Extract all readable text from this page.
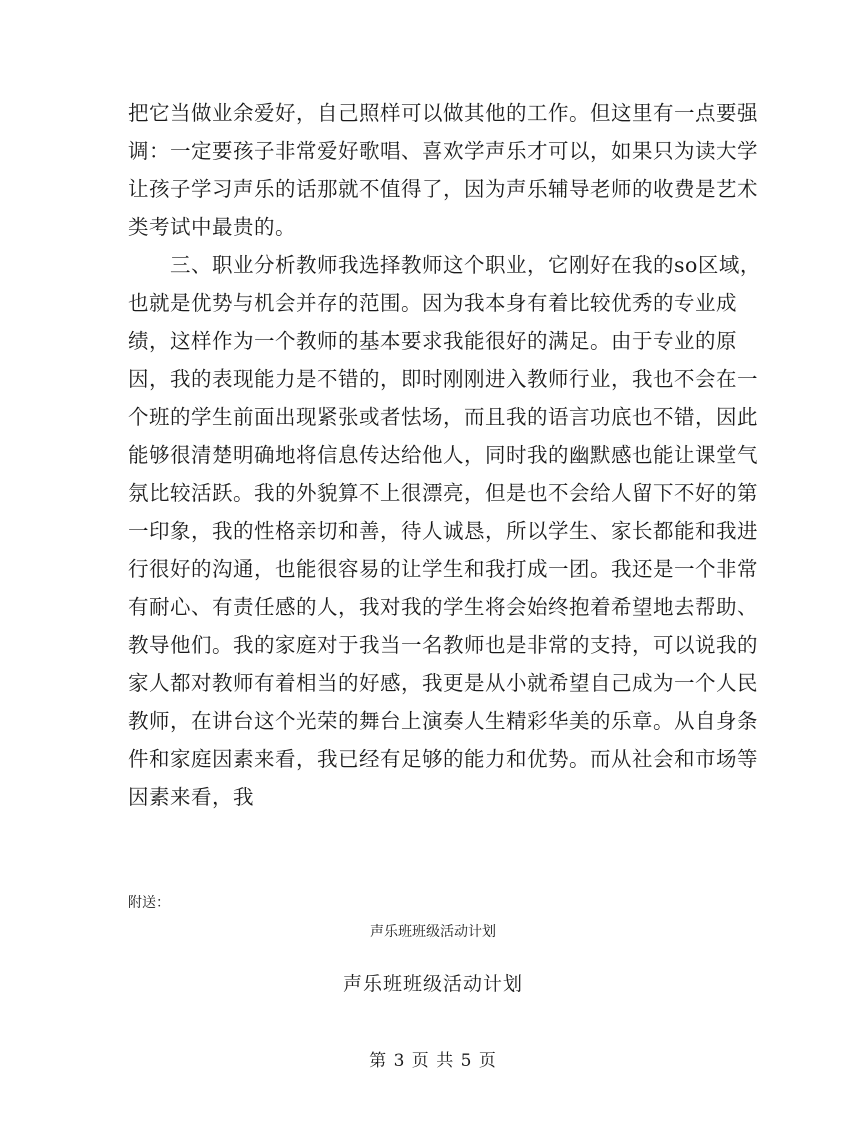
把它当做业余爱好，自己照样可以做其他的工作。但这里有一点要强
调：一定要孩子非常爱好歌唱、喜欢学声乐才可以，如果只为读大学
让孩子学习声乐的话那就不值得了，因为声乐辅导老师的收费是艺术
类考试中最贵的。
三、职业分析教师我选择教师这个职业，它刚好在我的so区域，
也就是优势与机会并存的范围。因为我本身有着比较优秀的专业成
绩，这样作为一个教师的基本要求我能很好的满足。由于专业的原
因，我的表现能力是不错的，即时刚刚进入教师行业，我也不会在一
个班的学生前面出现紧张或者怯场，而且我的语言功底也不错，因此
能够很清楚明确地将信息传达给他人，同时我的幽默感也能让课堂气
氛比较活跃。我的外貌算不上很漂亮，但是也不会给人留下不好的第
一印象，我的性格亲切和善，待人诚恳，所以学生、家长都能和我进
行很好的沟通，也能很容易的让学生和我打成一团。我还是一个非常
有耐心、有责任感的人，我对我的学生将会始终抱着希望地去帮助、
教导他们。我的家庭对于我当一名教师也是非常的支持，可以说我的
家人都对教师有着相当的好感，我更是从小就希望自己成为一个人民
教师，在讲台这个光荣的舞台上演奏人生精彩华美的乐章。从自身条
件和家庭因素来看，我已经有足够的能力和优势。而从社会和市场等
因素来看，我
附送：
声乐班班级活动计划
声乐班班级活动计划
第 3 页 共 5 页
